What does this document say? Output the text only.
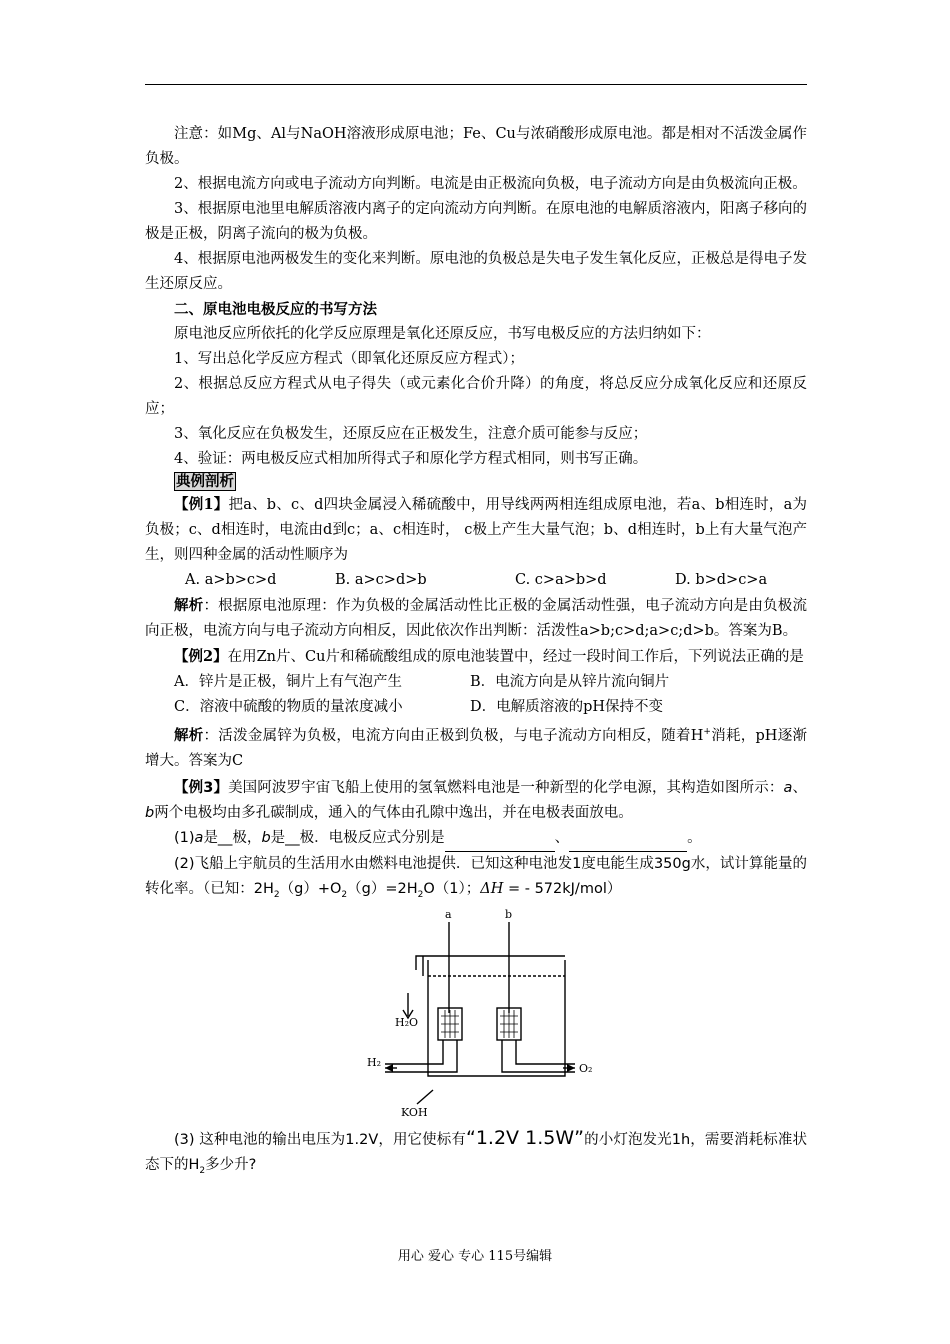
注意：如Mg、Al与NaOH溶液形成原电池；Fe、Cu与浓硝酸形成原电池。都是相对不活泼金属作负极。

2、根据电流方向或电子流动方向判断。电流是由正极流向负极，电子流动方向是由负极流向正极。

3、根据原电池里电解质溶液内离子的定向流动方向判断。在原电池的电解质溶液内，阳离子移向的极是正极，阴离子流向的极为负极。

4、根据原电池两极发生的变化来判断。原电池的负极总是失电子发生氧化反应，正极总是得电子发生还原反应。

二、原电池电极反应的书写方法

原电池反应所依托的化学反应原理是氧化还原反应，书写电极反应的方法归纳如下：

1、写出总化学反应方程式（即氧化还原反应方程式）；

2、根据总反应方程式从电子得失（或元素化合价升降）的角度，将总反应分成氧化反应和还原反应；

3、氧化反应在负极发生，还原反应在正极发生，注意介质可能参与反应；

4、验证：两电极反应式相加所得式子和原化学方程式相同，则书写正确。

典例剖析

【例1】把a、b、c、d四块金属浸入稀硫酸中，用导线两两相连组成原电池，若a、b相连时，a为负极；c、d相连时，电流由d到c；a、c相连时， c极上产生大量气泡；b、d相连时，b上有大量气泡产生，则四种金属的活动性顺序为

A. a>b>c>d	B. a>c>d>b	C. c>a>b>d	D. b>d>c>a

解析：根据原电池原理：作为负极的金属活动性比正极的金属活动性强，电子流动方向是由负极流向正极，电流方向与电子流动方向相反，因此依次作出判断：活泼性a>b;c>d;a>c;d>b。答案为B。

【例2】在用Zn片、Cu片和稀硫酸组成的原电池装置中，经过一段时间工作后，下列说法正确的是

A．锌片是正极，铜片上有气泡产生	B．电流方向是从锌片流向铜片

C．溶液中硫酸的物质的量浓度减小	D．电解质溶液的pH保持不变

解析：活泼金属锌为负极，电流方向由正极到负极，与电子流动方向相反，随着H+消耗，pH逐渐增大。答案为C

【例3】美国阿波罗宇宙飞船上使用的氢氧燃料电池是一种新型的化学电源，其构造如图所示：a、b两个电极均由多孔碳制成，通入的气体由孔隙中逸出，并在电极表面放电。

(1)a是__极，b是__极．电极反应式分别是	、	。

(2)飞船上宇航员的生活用水由燃料电池提供．已知这种电池发1度电能生成350g水，试计算能量的转化率。（已知：$2H_2(g)+O_2(g)=2H_2O(1)$；ΔH = - 572kJ/mol）

a	b
H₂O
H₂	O₂
KOH

(3) 这种电池的输出电压为1.2V，用它使标有“1.2V 1.5W”的小灯泡发光1h，需要消耗标准状态下的$H_2$多少升?

用心 爱心 专心 115号编辑
